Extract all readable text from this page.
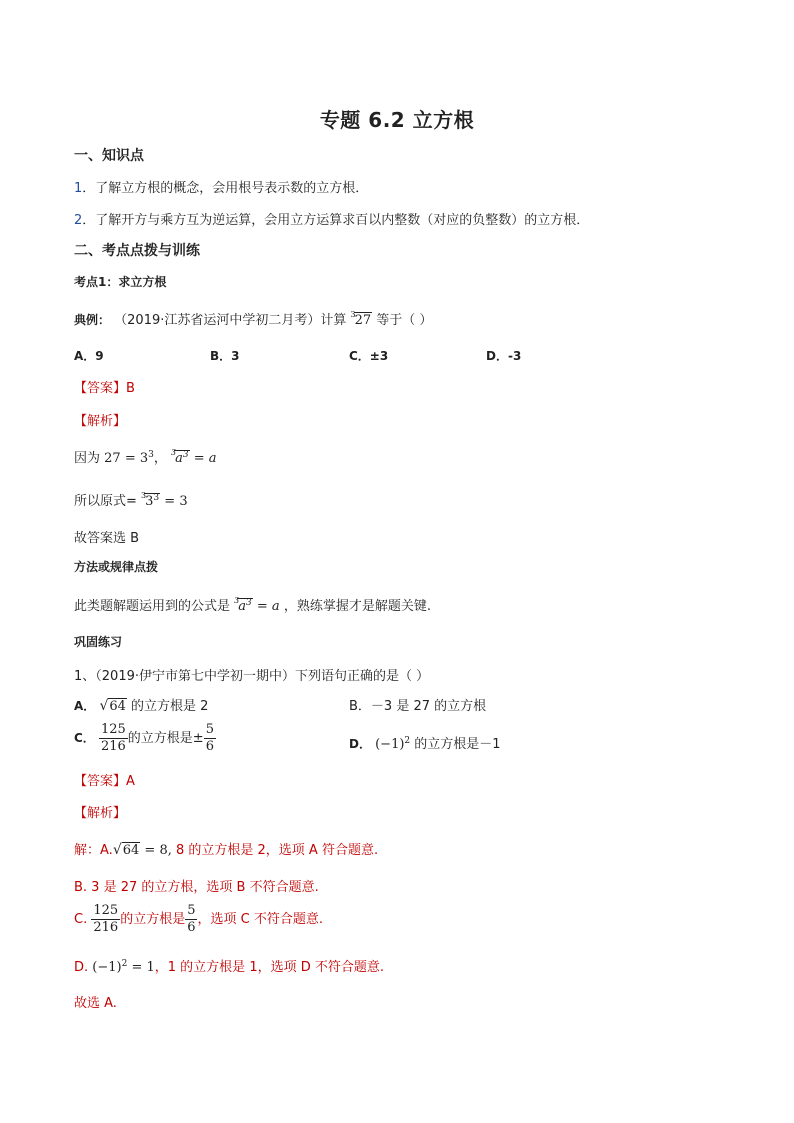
专题 6.2 立方根
一、知识点
1．了解立方根的概念，会用根号表示数的立方根．
2．了解开方与乘方互为逆运算，会用立方运算求百以内整数（对应的负整数）的立方根．
二、考点点拨与训练
考点1：求立方根
典例： （2019·江苏省运河中学初二月考）计算 $^3$27 等于（ ）
A．9	B．3	C．±3	D．-3
【答案】B
【解析】
因为 $27 = 3^3$， $^3a^3 = a$
所以原式= $^33^3 = 3$
故答案选 B
方法或规律点拨
此类题解题运用到的公式是 $^3a^3 = a$ ，熟练掌握才是解题关键.
巩固练习
1、（2019·伊宁市第七中学初一期中）下列语句正确的是（ ）
A． √64 的立方根是 2	B．－3 是 27 的立方根
C． $\frac{125}{216}$ 的立方根是± $\frac{5}{6}$	D． $(-1)^2$ 的立方根是－1
【答案】A
【解析】
解：A.√64 = 8, 8 的立方根是 2，选项 A 符合题意.
B. 3 是 27 的立方根，选项 B 不符合题意.
C. $\frac{125}{216}$ 的立方根是 $\frac{5}{6}$ ，选项 C 不符合题意.
D. $(-1)^2 = 1$，1 的立方根是 1，选项 D 不符合题意.
故选 A.
